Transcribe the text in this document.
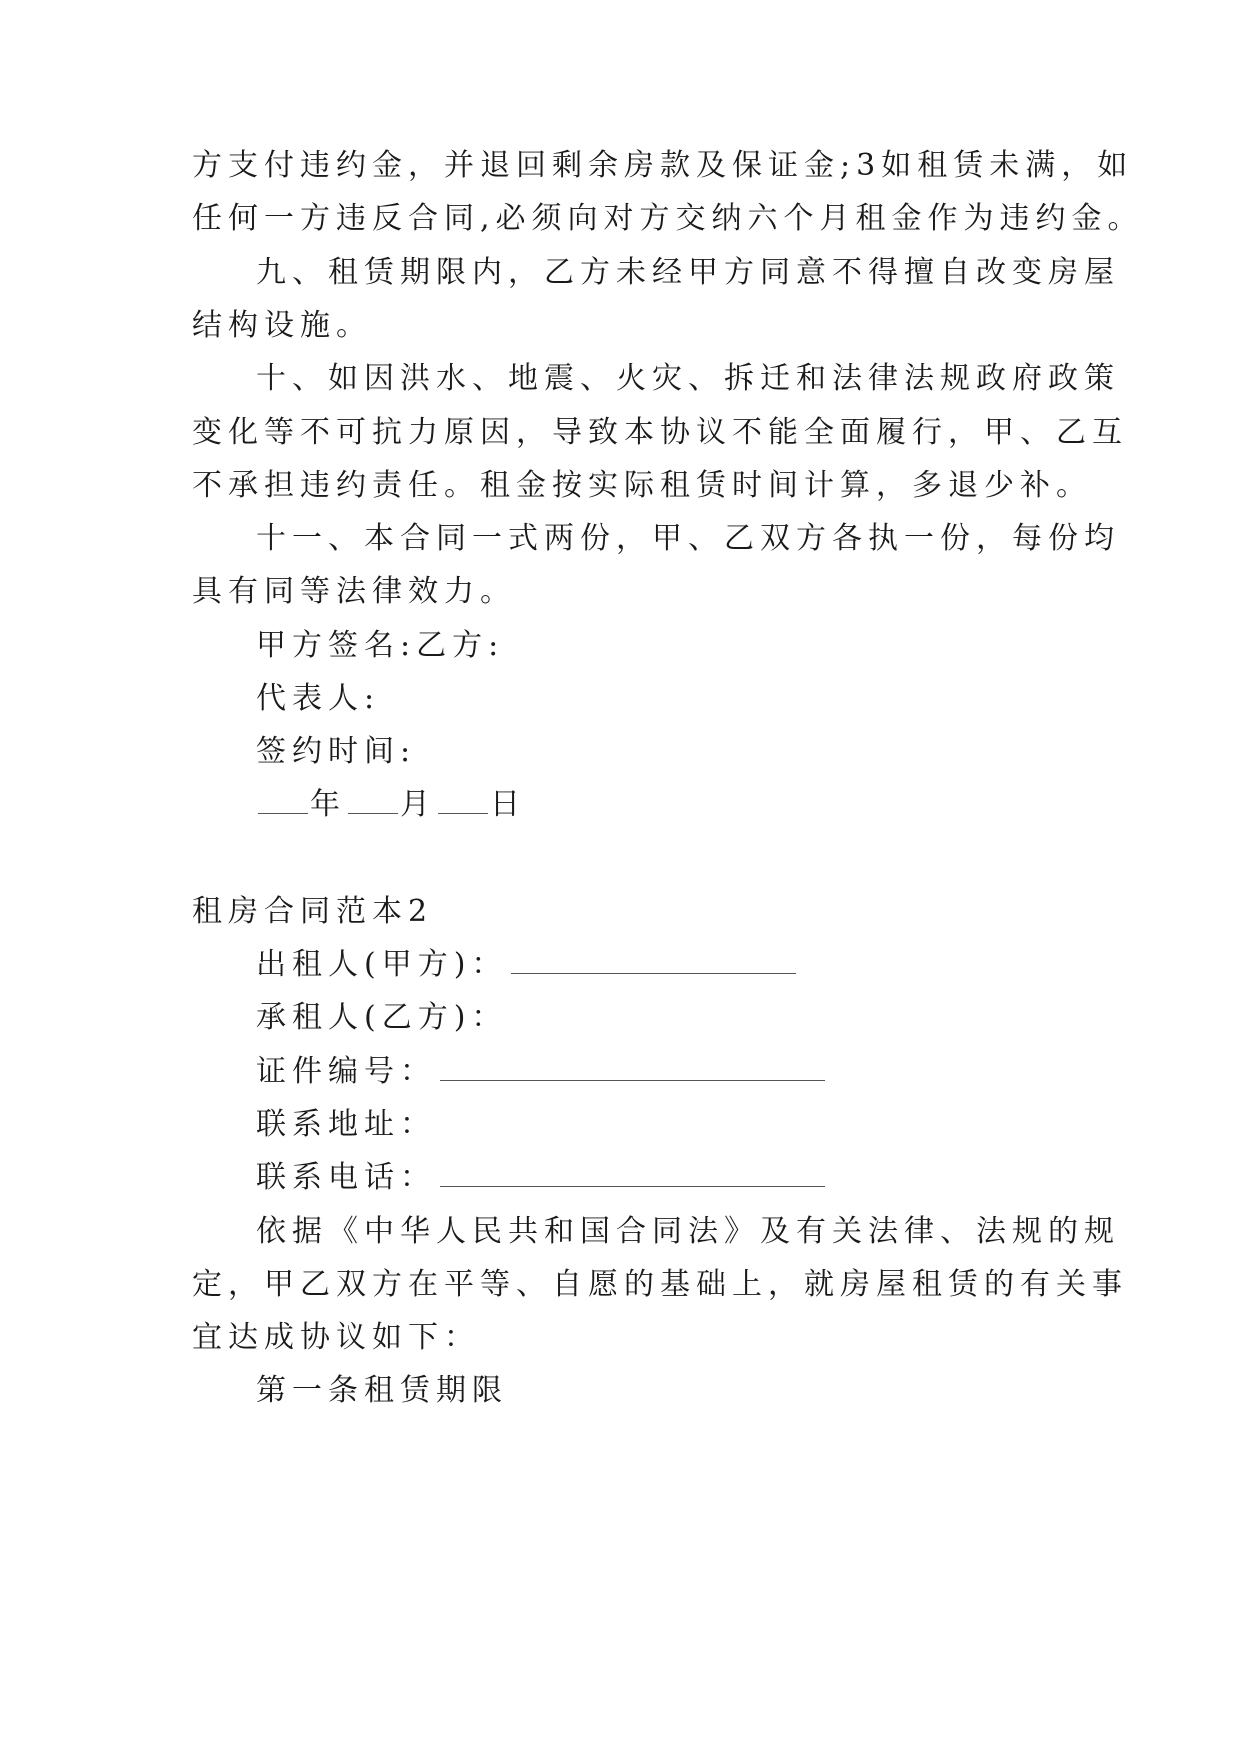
方支付违约金，并退回剩余房款及保证金;3如租赁未满，如
任何一方违反合同,必须向对方交纳六个月租金作为违约金。
九、租赁期限内，乙方未经甲方同意不得擅自改变房屋
结构设施。
十、如因洪水、地震、火灾、拆迁和法律法规政府政策
变化等不可抗力原因，导致本协议不能全面履行，甲、乙互
不承担违约责任。租金按实际租赁时间计算，多退少补。
十一、本合同一式两份，甲、乙双方各执一份，每份均
具有同等法律效力。
甲方签名:乙方:
代表人:
签约时间:
年 月 日
租房合同范本2
出租人(甲方)：
承租人(乙方)：
证件编号：
联系地址：
联系电话：
依据《中华人民共和国合同法》及有关法律、法规的规
定，甲乙双方在平等、自愿的基础上，就房屋租赁的有关事
宜达成协议如下：
第一条租赁期限
